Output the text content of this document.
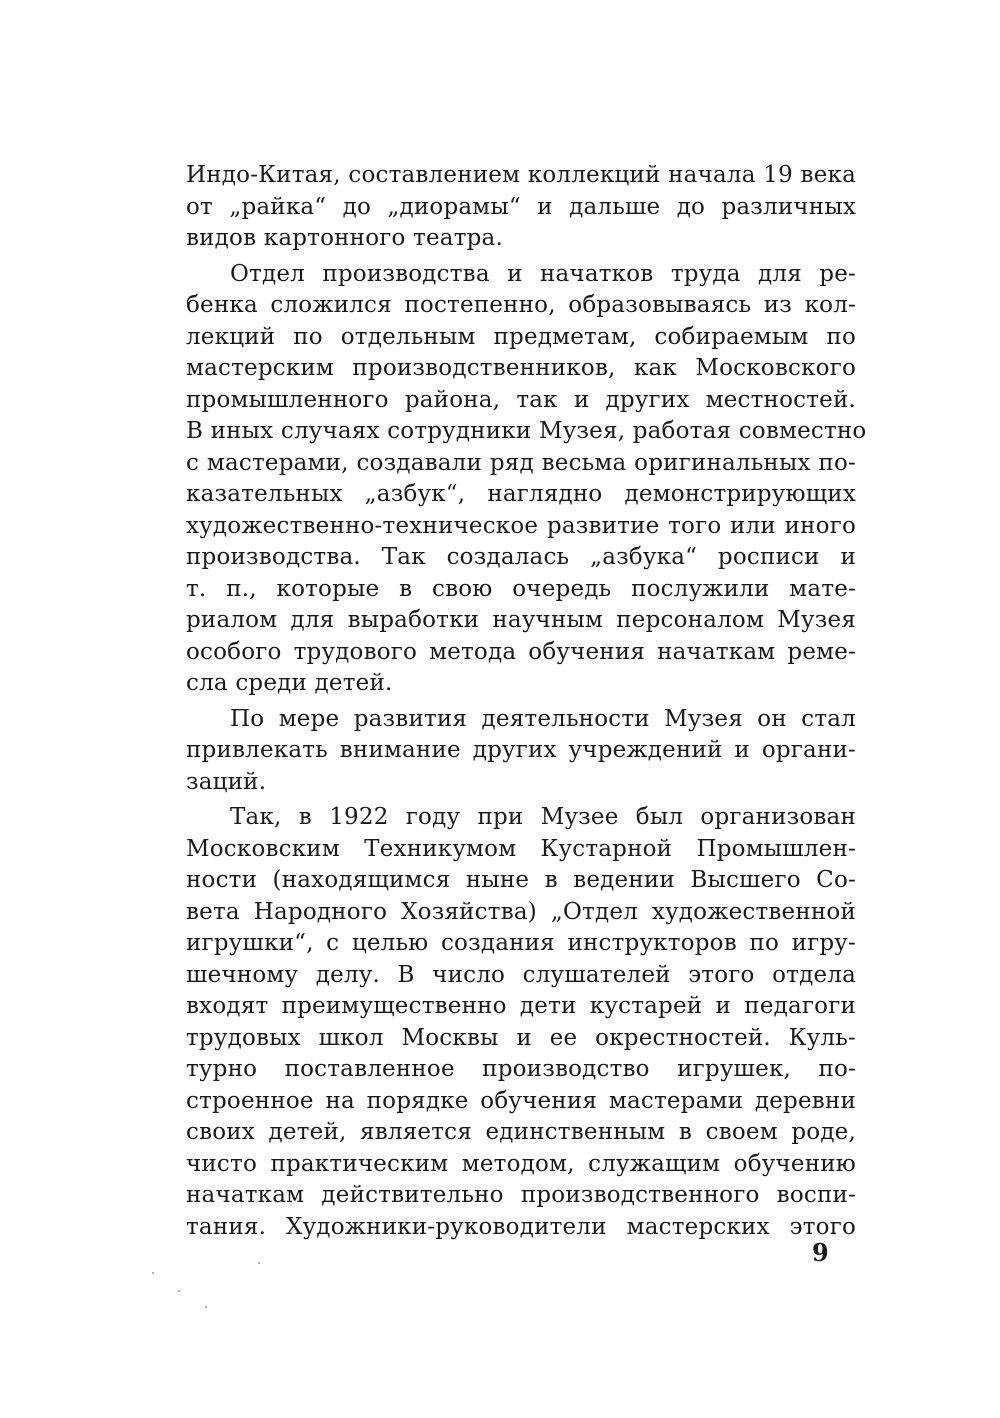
Индо-Китая, составлением коллекций начала 19 века
от „райка“ до „диорамы“ и дальше до различных
видов картонного театра.
Отдел производства и начатков труда для ре-
бенка сложился постепенно, образовываясь из кол-
лекций по отдельным предметам, собираемым по
мастерским производственников, как Московского
промышленного района, так и других местностей.
В иных случаях сотрудники Музея, работая совместно
с мастерами, создавали ряд весьма оригинальных по-
казательных „азбук“, наглядно демонстрирующих
художественно-техническое развитие того или иного
производства. Так создалась „азбука“ росписи и
т. п., которые в свою очередь послужили мате-
риалом для выработки научным персоналом Музея
особого трудового метода обучения начаткам реме-
сла среди детей.
По мере развития деятельности Музея он стал
привлекать внимание других учреждений и органи-
заций.
Так, в 1922 году при Музее был организован
Московским Техникумом Кустарной Промышлен-
ности (находящимся ныне в ведении Высшего Со-
вета Народного Хозяйства) „Отдел художественной
игрушки“, с целью создания инструкторов по игру-
шечному делу. В число слушателей этого отдела
входят преимущественно дети кустарей и педагоги
трудовых школ Москвы и ее окрестностей. Куль-
турно поставленное производство игрушек, по-
строенное на порядке обучения мастерами деревни
своих детей, является единственным в своем роде,
чисто практическим методом, служащим обучению
начаткам действительно производственного воспи-
тания. Художники-руководители мастерских этого
9
